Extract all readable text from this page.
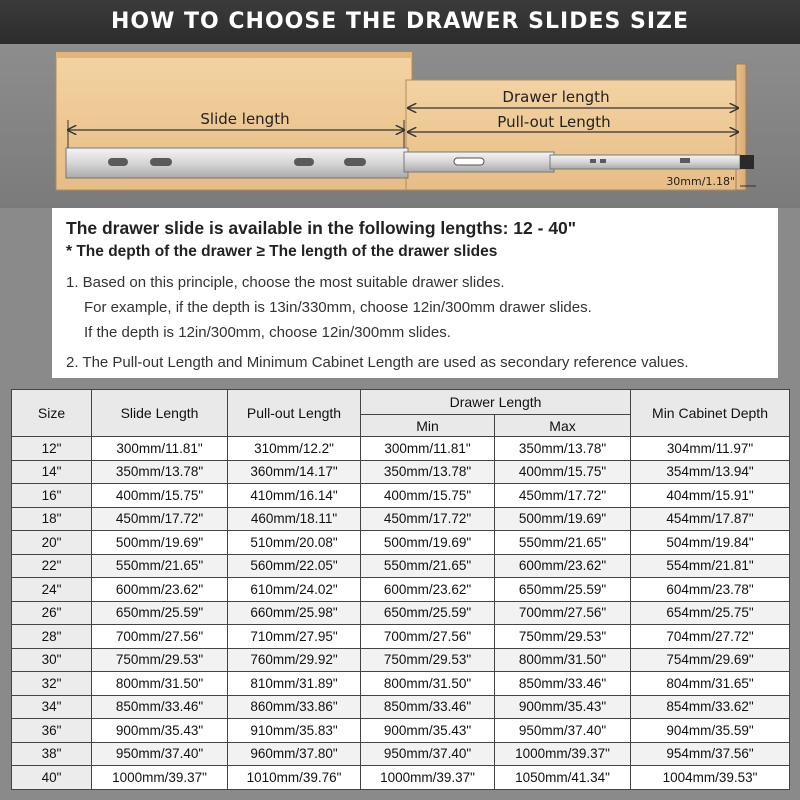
HOW TO CHOOSE THE DRAWER SLIDES SIZE
Slide length
Drawer length
Pull-out Length
30mm/1.18"
The drawer slide is available in the following lengths: 12 - 40"
* The depth of the drawer ≥ The length of the drawer slides
1. Based on this principle, choose the most suitable drawer slides.
For example, if the depth is 13in/330mm, choose 12in/300mm drawer slides.
If the depth is 12in/300mm, choose 12in/300mm slides.
2. The Pull-out Length and Minimum Cabinet Length are used as secondary reference values.
Size	Slide Length	Pull-out Length	Drawer Length		Min Cabinet Depth
			Min	Max	
12"	300mm/11.81"	310mm/12.2"	300mm/11.81"	350mm/13.78"	304mm/11.97"
14"	350mm/13.78"	360mm/14.17"	350mm/13.78"	400mm/15.75"	354mm/13.94"
16"	400mm/15.75"	410mm/16.14"	400mm/15.75"	450mm/17.72"	404mm/15.91"
18"	450mm/17.72"	460mm/18.11"	450mm/17.72"	500mm/19.69"	454mm/17.87"
20"	500mm/19.69"	510mm/20.08"	500mm/19.69"	550mm/21.65"	504mm/19.84"
22"	550mm/21.65"	560mm/22.05"	550mm/21.65"	600mm/23.62"	554mm/21.81"
24"	600mm/23.62"	610mm/24.02"	600mm/23.62"	650mm/25.59"	604mm/23.78"
26"	650mm/25.59"	660mm/25.98"	650mm/25.59"	700mm/27.56"	654mm/25.75"
28"	700mm/27.56"	710mm/27.95"	700mm/27.56"	750mm/29.53"	704mm/27.72"
30"	750mm/29.53"	760mm/29.92"	750mm/29.53"	800mm/31.50"	754mm/29.69"
32"	800mm/31.50"	810mm/31.89"	800mm/31.50"	850mm/33.46"	804mm/31.65"
34"	850mm/33.46"	860mm/33.86"	850mm/33.46"	900mm/35.43"	854mm/33.62"
36"	900mm/35.43"	910mm/35.83"	900mm/35.43"	950mm/37.40"	904mm/35.59"
38"	950mm/37.40"	960mm/37.80"	950mm/37.40"	1000mm/39.37"	954mm/37.56"
40"	1000mm/39.37"	1010mm/39.76"	1000mm/39.37"	1050mm/41.34"	1004mm/39.53"
